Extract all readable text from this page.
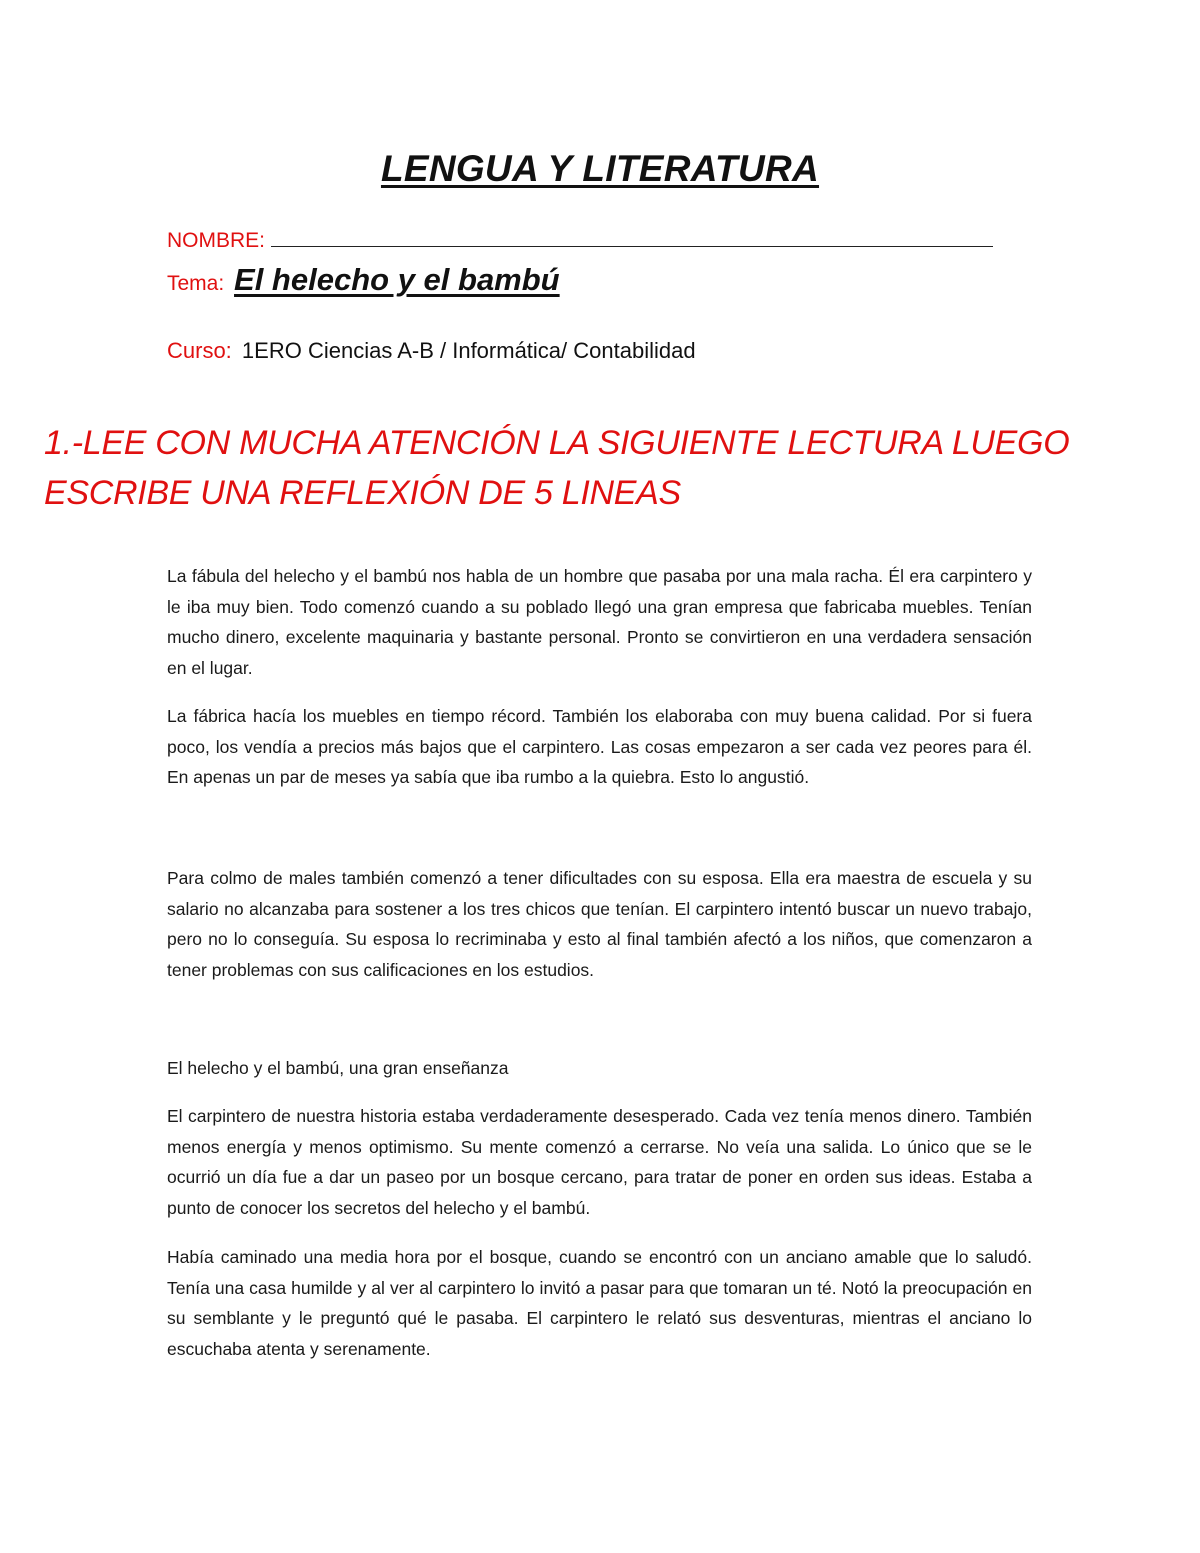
LENGUA Y LITERATURA
NOMBRE:
Tema: El helecho y el bambú
Curso: 1ERO Ciencias A-B / Informática/ Contabilidad
1.-LEE CON MUCHA ATENCIÓN LA SIGUIENTE LECTURA LUEGO ESCRIBE UNA REFLEXIÓN DE 5 LINEAS

La fábula del helecho y el bambú nos habla de un hombre que pasaba por una mala racha. Él era carpintero y le iba muy bien. Todo comenzó cuando a su poblado llegó una gran empresa que fabricaba muebles. Tenían mucho dinero, excelente maquinaria y bastante personal. Pronto se convirtieron en una verdadera sensación en el lugar.

La fábrica hacía los muebles en tiempo récord. También los elaboraba con muy buena calidad. Por si fuera poco, los vendía a precios más bajos que el carpintero. Las cosas empezaron a ser cada vez peores para él. En apenas un par de meses ya sabía que iba rumbo a la quiebra. Esto lo angustió.

Para colmo de males también comenzó a tener dificultades con su esposa. Ella era maestra de escuela y su salario no alcanzaba para sostener a los tres chicos que tenían. El carpintero intentó buscar un nuevo trabajo, pero no lo conseguía. Su esposa lo recriminaba y esto al final también afectó a los niños, que comenzaron a tener problemas con sus calificaciones en los estudios.

El helecho y el bambú, una gran enseñanza

El carpintero de nuestra historia estaba verdaderamente desesperado. Cada vez tenía menos dinero. También menos energía y menos optimismo. Su mente comenzó a cerrarse. No veía una salida. Lo único que se le ocurrió un día fue a dar un paseo por un bosque cercano, para tratar de poner en orden sus ideas. Estaba a punto de conocer los secretos del helecho y el bambú.

Había caminado una media hora por el bosque, cuando se encontró con un anciano amable que lo saludó. Tenía una casa humilde y al ver al carpintero lo invitó a pasar para que tomaran un té. Notó la preocupación en su semblante y le preguntó qué le pasaba. El carpintero le relató sus desventuras, mientras el anciano lo escuchaba atenta y serenamente.
